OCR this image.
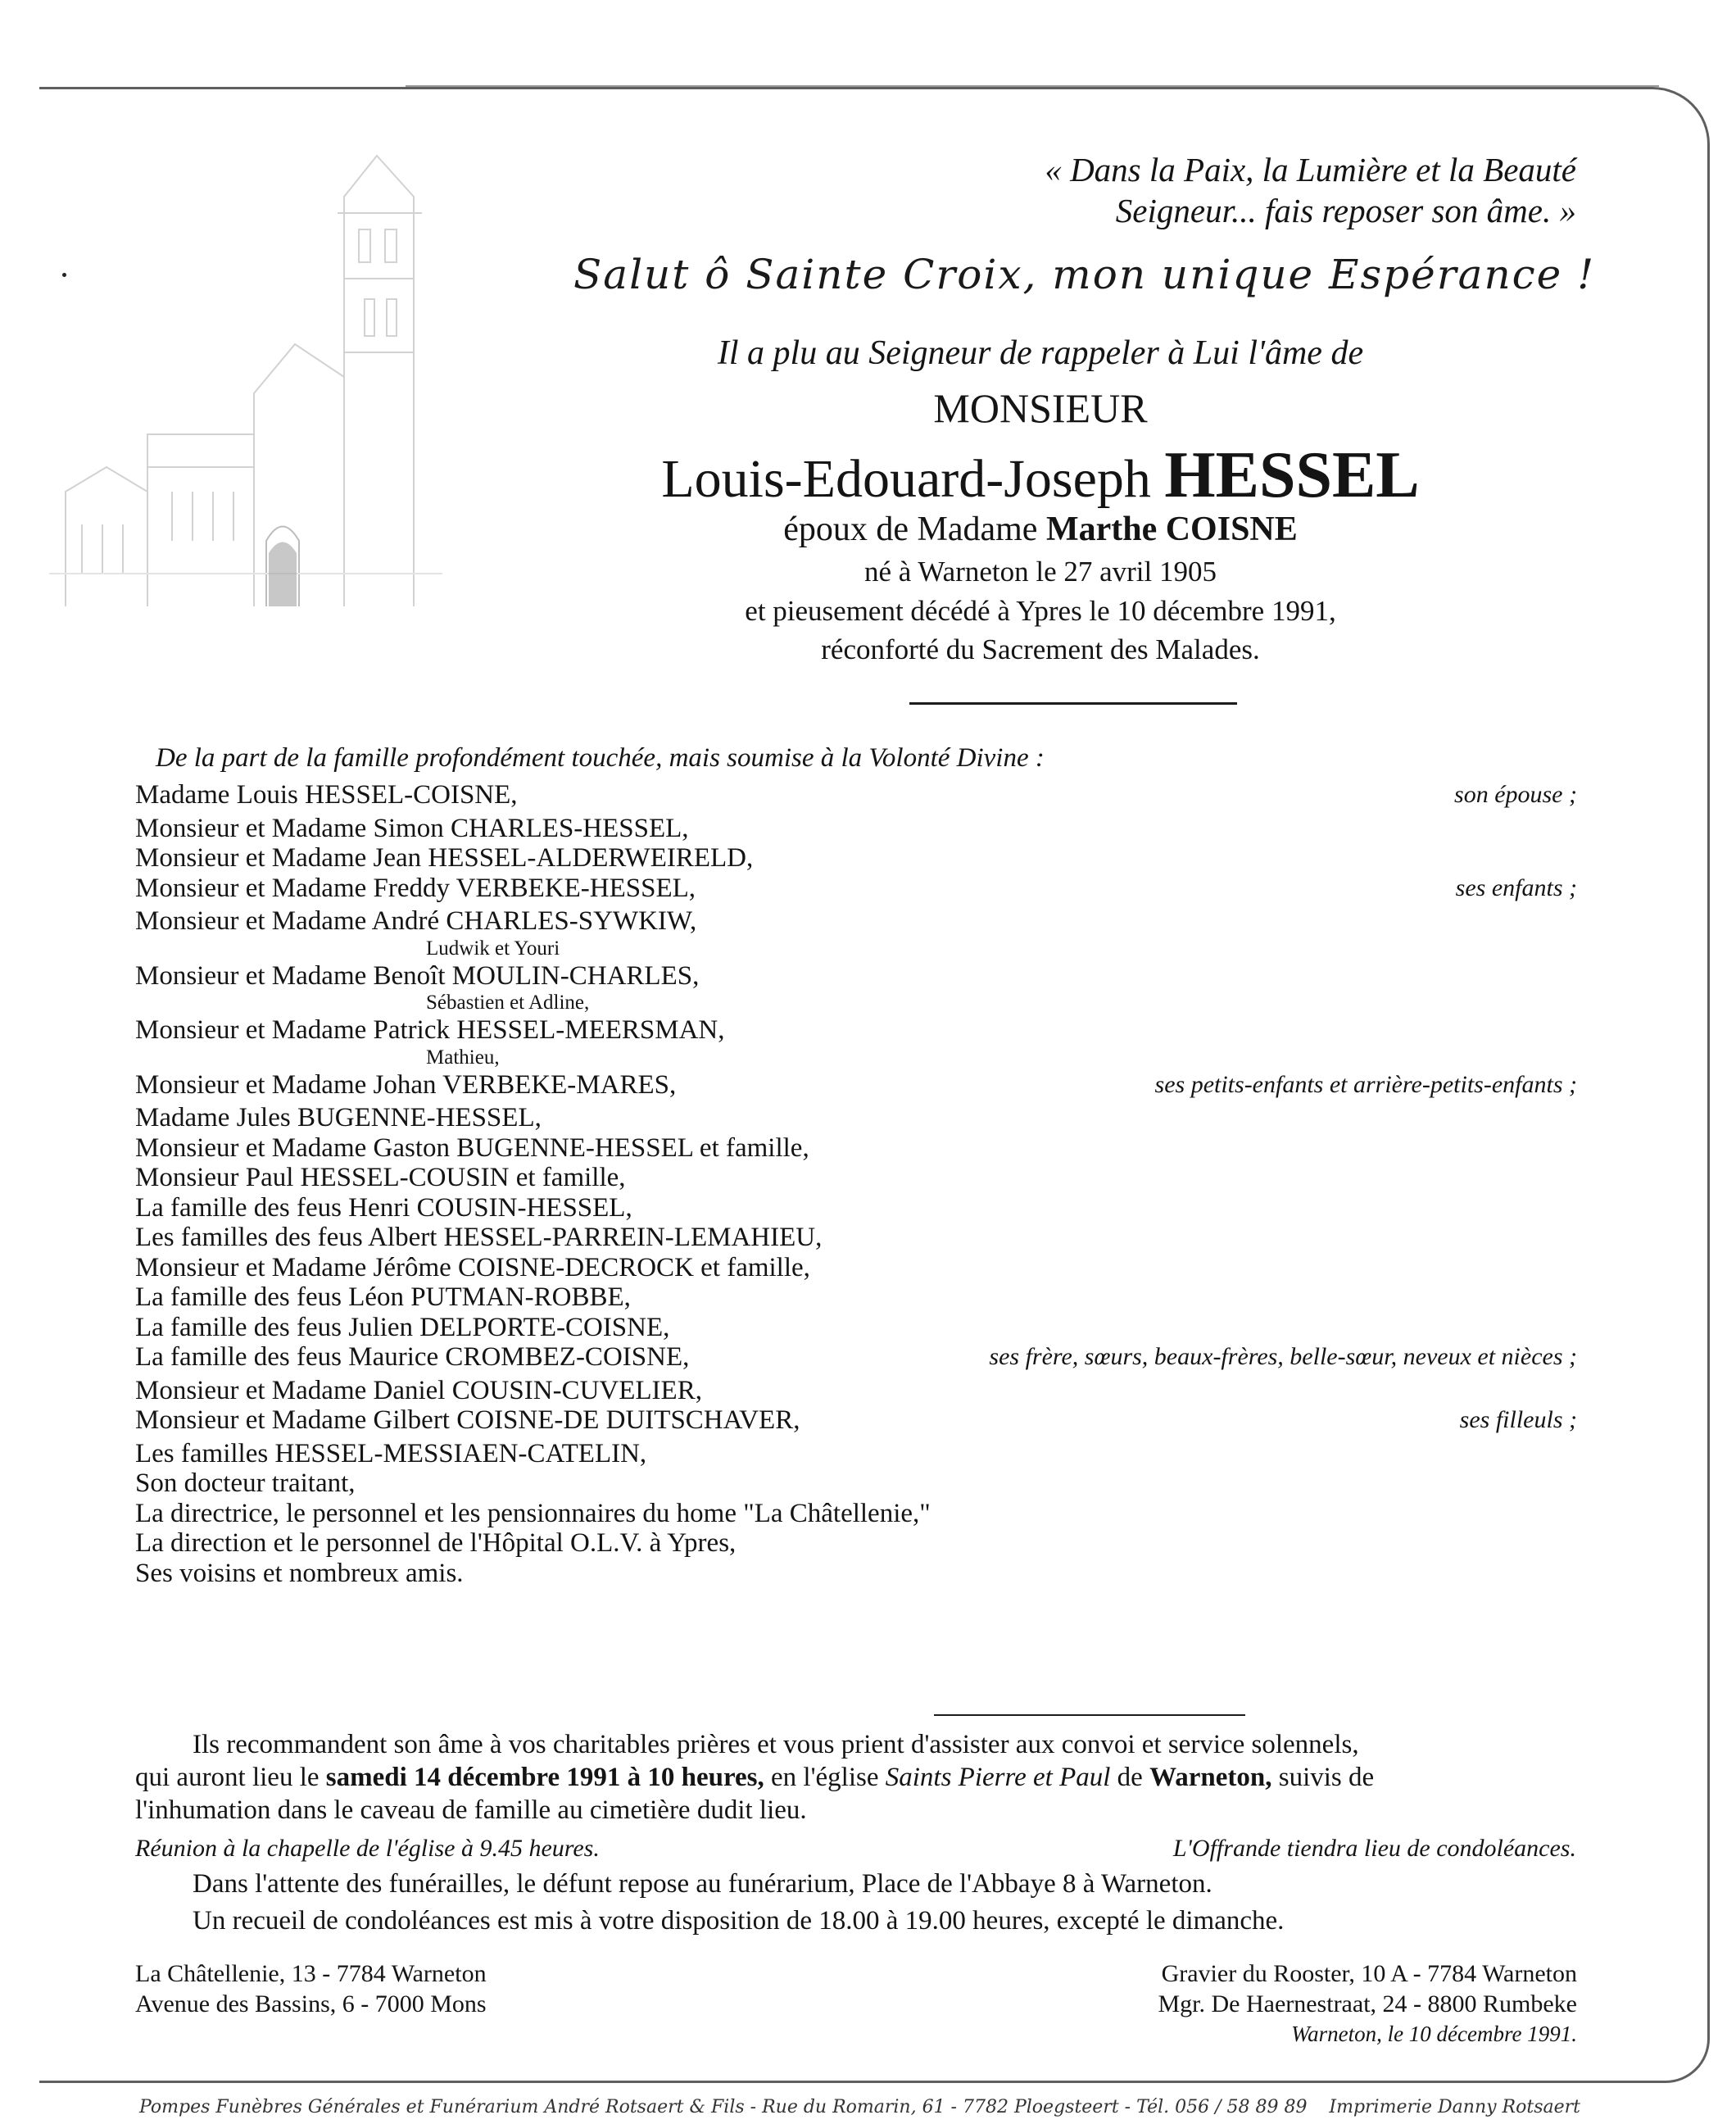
« Dans la Paix, la Lumière et la Beauté
Seigneur... fais reposer son âme. »
Salut ô Sainte Croix, mon unique Espérance !
Il a plu au Seigneur de rappeler à Lui l'âme de
MONSIEUR
Louis-Edouard-Joseph HESSEL
époux de Madame Marthe COISNE
né à Warneton le 27 avril 1905
et pieusement décédé à Ypres le 10 décembre 1991,
réconforté du Sacrement des Malades.
De la part de la famille profondément touchée, mais soumise à la Volonté Divine :
Madame Louis HESSEL-COISNE,	son épouse ;
Monsieur et Madame Simon CHARLES-HESSEL,
Monsieur et Madame Jean HESSEL-ALDERWEIRELD,
Monsieur et Madame Freddy VERBEKE-HESSEL,	ses enfants ;
Monsieur et Madame André CHARLES-SYWKIW,
Ludwik et Youri
Monsieur et Madame Benoît MOULIN-CHARLES,
Sébastien et Adline,
Monsieur et Madame Patrick HESSEL-MEERSMAN,
Mathieu,
Monsieur et Madame Johan VERBEKE-MARES,	ses petits-enfants et arrière-petits-enfants ;
Madame Jules BUGENNE-HESSEL,
Monsieur et Madame Gaston BUGENNE-HESSEL et famille,
Monsieur Paul HESSEL-COUSIN et famille,
La famille des feus Henri COUSIN-HESSEL,
Les familles des feus Albert HESSEL-PARREIN-LEMAHIEU,
Monsieur et Madame Jérôme COISNE-DECROCK et famille,
La famille des feus Léon PUTMAN-ROBBE,
La famille des feus Julien DELPORTE-COISNE,
La famille des feus Maurice CROMBEZ-COISNE,	ses frère, sœurs, beaux-frères, belle-sœur, neveux et nièces ;
Monsieur et Madame Daniel COUSIN-CUVELIER,
Monsieur et Madame Gilbert COISNE-DE DUITSCHAVER,	ses filleuls ;
Les familles HESSEL-MESSIAEN-CATELIN,
Son docteur traitant,
La directrice, le personnel et les pensionnaires du home "La Châtellenie,"
La direction et le personnel de l'Hôpital O.L.V. à Ypres,
Ses voisins et nombreux amis.
Ils recommandent son âme à vos charitables prières et vous prient d'assister aux convoi et service solennels,
qui auront lieu le samedi 14 décembre 1991 à 10 heures, en l'église Saints Pierre et Paul de Warneton, suivis de
l'inhumation dans le caveau de famille au cimetière dudit lieu.
Réunion à la chapelle de l'église à 9.45 heures.	L'Offrande tiendra lieu de condoléances.
Dans l'attente des funérailles, le défunt repose au funérarium, Place de l'Abbaye 8 à Warneton.
Un recueil de condoléances est mis à votre disposition de 18.00 à 19.00 heures, excepté le dimanche.
La Châtellenie, 13 - 7784 Warneton
Avenue des Bassins, 6 - 7000 Mons
Gravier du Rooster, 10 A - 7784 Warneton
Mgr. De Haernestraat, 24 - 8800 Rumbeke
Warneton, le 10 décembre 1991.
Pompes Funèbres Générales et Funérarium André Rotsaert & Fils - Rue du Romarin, 61 - 7782 Ploegsteert - Tél. 056 / 58 89 89 Imprimerie Danny Rotsaert
